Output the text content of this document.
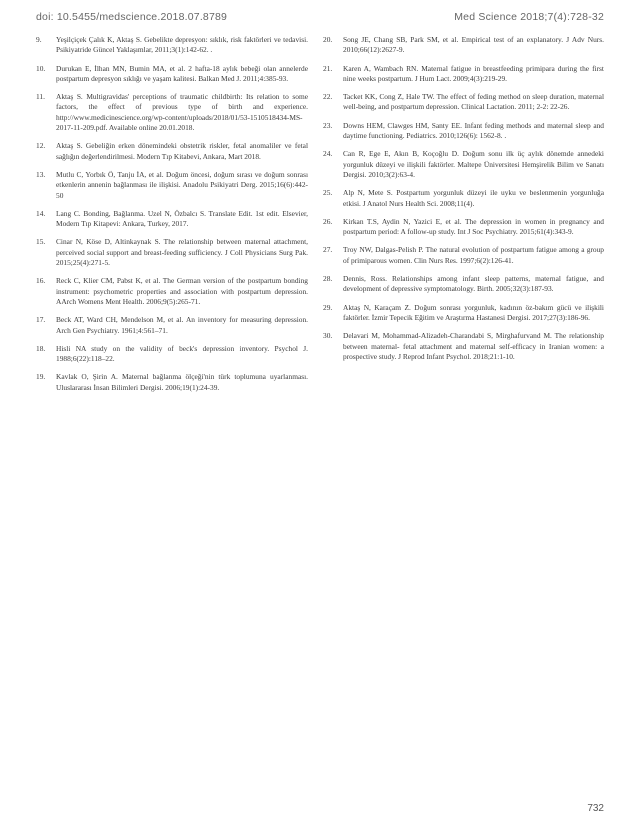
doi: 10.5455/medscience.2018.07.8789	Med Science 2018;7(4):728-32
9.	Yeşilçiçek Çalık K, Aktaş S. Gebelikte depresyon: sıklık, risk faktörleri ve tedavisi. Psikiyatride Güncel Yaklaşımlar, 2011;3(1):142-62. .
10.	Durukan E, İlhan MN, Bumin MA, et al. 2 hafta-18 aylık bebeği olan annelerde postpartum depresyon sıklığı ve yaşam kalitesi. Balkan Med J. 2011;4:385-93.
11.	Aktaş S. Multigravidas' perceptions of traumatic childbirth: Its relation to some factors, the effect of previous type of birth and experience. http://www.medicinescience.org/wp-content/uploads/2018/01/53-1510518434-MS-2017-11-209.pdf. Available online 20.01.2018.
12.	Aktaş S. Gebeliğin erken dönemindeki obstetrik riskler, fetal anomaliler ve fetal sağlığın değerlendirilmesi. Modern Tıp Kitabevi, Ankara, Mart 2018.
13.	Mutlu C, Yorbık Ö, Tanju İA, et al. Doğum öncesi, doğum sırası ve doğum sonrası etkenlerin annenin bağlanması ile ilişkisi. Anadolu Psikiyatri Derg. 2015;16(6):442-50
14.	Lang C. Bonding, Bağlanma. Uzel N, Özbalcı S. Translate Edit. 1st edit. Elsevier, Modern Tıp Kitapevi: Ankara, Turkey, 2017.
15.	Cinar N, Köse D, Altinkaynak S. The relationship between maternal attachment, perceived social support and breast-feeding sufficiency. J Coll Physicians Surg Pak. 2015;25(4):271-5.
16.	Reck C, Klier CM, Pabst K, et al. The German version of the postpartum bonding instrument: psychometric properties and association with postpartum depression. AArch Womens Ment Health. 2006;9(5):265-71.
17.	Beck AT, Ward CH, Mendelson M, et al. An inventory for measuring depression. Arch Gen Psychiatry. 1961;4:561–71.
18.	Hisli NA study on the validity of beck's depression inventory. Psychol J. 1988;6(22):118–22.
19.	Kavlak O, Şirin A. Maternal bağlanma ölçeği'nin türk toplumuna uyarlanması. Uluslararası İnsan Bilimleri Dergisi. 2006;19(1):24-39.
20.	Song JE, Chang SB, Park SM, et al. Empirical test of an explanatory. J Adv Nurs. 2010;66(12):2627-9.
21.	Karen A, Wambach RN. Maternal fatigue in breastfeeding primipara during the first nine weeks postpartum. J Hum Lact. 2009;4(3):219-29.
22.	Tacket KK, Cong Z, Hale TW. The effect of feding method on sleep duration, maternal well-being, and postpartum depression. Clinical Lactation. 2011; 2-2: 22-26.
23.	Downs HEM, Clawges HM, Santy EE. Infant feding methods and maternal sleep and daytime functioning. Pediatrics. 2010;126(6): 1562-8. .
24.	Can R, Ege E, Akın B, Koçoğlu D. Doğum sonu ilk üç aylık dönemde annedeki yorgunluk düzeyi ve ilişkili faktörler. Maltepe Üniversitesi Hemşirelik Bilim ve Sanatı Dergisi. 2010;3(2):63-4.
25.	Alp N, Mete S. Postpartum yorgunluk düzeyi ile uyku ve beslenmenin yorgunluğa etkisi. J Anatol Nurs Health Sci. 2008;11(4).
26.	Kirkan T.S, Aydin N, Yazici E, et al. The depression in women in pregnancy and postpartum period: A follow-up study. Int J Soc Psychiatry. 2015;61(4):343-9.
27.	Troy NW, Dalgas-Pelish P. The natural evolution of postpartum fatigue among a group of primiparous women. Clin Nurs Res. 1997;6(2):126-41.
28.	Dennis, Ross. Relationships among infant sleep patterns, maternal fatigue, and development of depressive symptomatology. Birth. 2005;32(3):187-93.
29.	Aktaş N, Karaçam Z. Doğum sonrası yorgunluk, kadının öz-bakım gücü ve ilişkili faktörler. İzmir Tepecik Eğitim ve Araştırma Hastanesi Dergisi. 2017;27(3):186-96.
30.	Delavari M, Mohammad-Alizadeh-Charandabi S, Mirghafurvand M. The relationship between maternal- fetal attachment and maternal self-efficacy in Iranian women: a prospective study. J Reprod Infant Psychol. 2018;21:1-10.
732
